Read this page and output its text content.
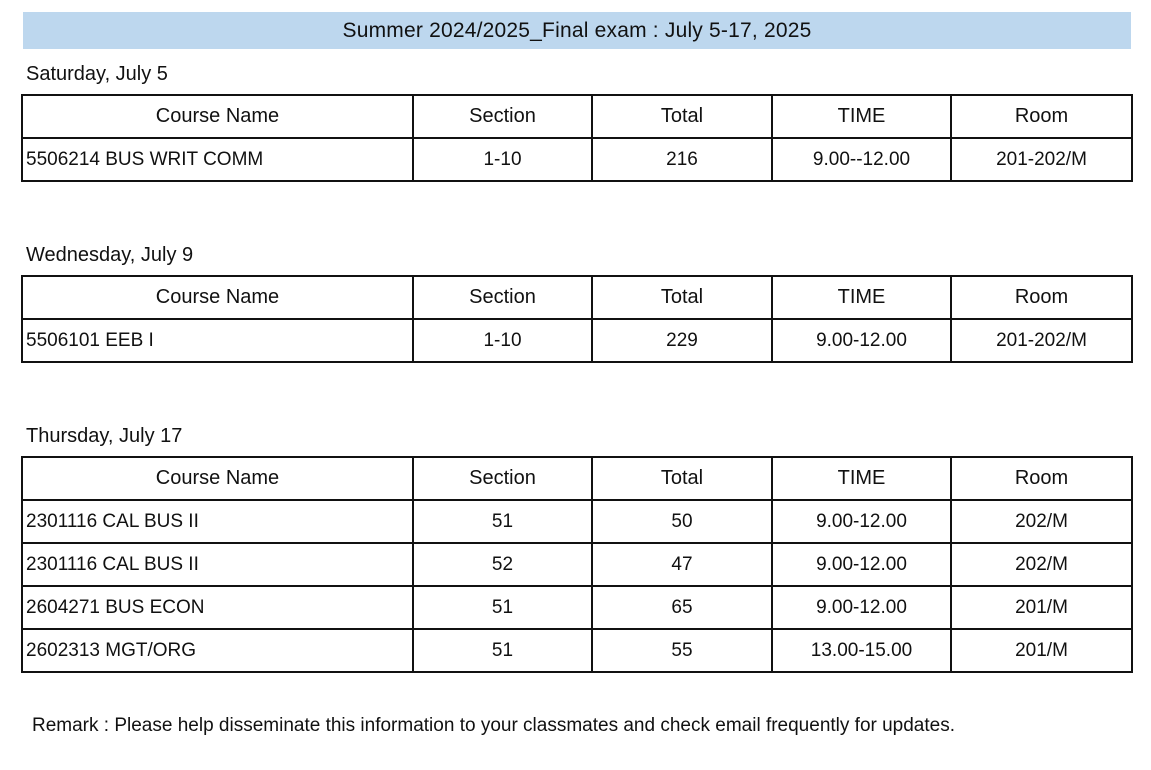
Summer 2024/2025_Final exam : July 5-17, 2025
Saturday, July 5
Course Name	Section	Total	TIME	Room
5506214 BUS WRIT COMM	1-10	216	9.00--12.00	201-202/M
Wednesday, July 9
Course Name	Section	Total	TIME	Room
5506101 EEB I	1-10	229	9.00-12.00	201-202/M
Thursday, July 17
Course Name	Section	Total	TIME	Room
2301116 CAL BUS II	51	50	9.00-12.00	202/M
2301116 CAL BUS II	52	47	9.00-12.00	202/M
2604271 BUS ECON	51	65	9.00-12.00	201/M
2602313 MGT/ORG	51	55	13.00-15.00	201/M
Remark : Please help disseminate this information to your classmates and check email frequently for updates.
